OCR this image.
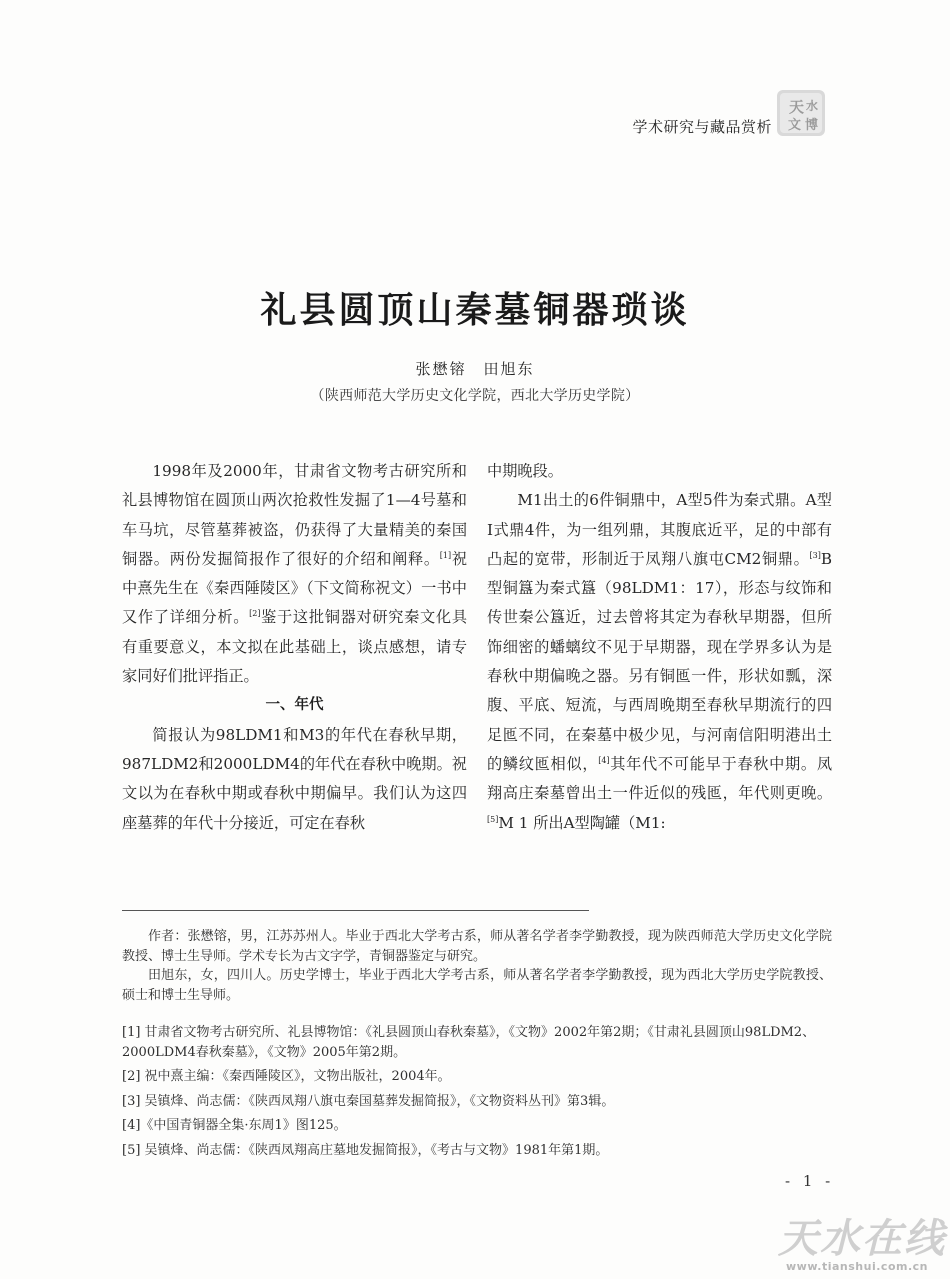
学术研究与藏品赏析
天 水
文 博
礼县圆顶山秦墓铜器琐谈
张懋镕　田旭东
（陕西师范大学历史文化学院，西北大学历史学院）

1998年及2000年，甘肃省文物考古研究所和礼县博物馆在圆顶山两次抢救性发掘了1—4号墓和车马坑，尽管墓葬被盗，仍获得了大量精美的秦国铜器。两份发掘简报作了很好的介绍和阐释。[1]祝中熹先生在《秦西陲陵区》（下文简称祝文）一书中又作了详细分析。[2]鉴于这批铜器对研究秦文化具有重要意义，本文拟在此基础上，谈点感想，请专家同好们批评指正。

一、年代

简报认为98LDM1和M3的年代在春秋早期，987LDM2和2000LDM4的年代在春秋中晚期。祝文以为在春秋中期或春秋中期偏早。我们认为这四座墓葬的年代十分接近，可定在春秋

中期晚段。

M1出土的6件铜鼎中，A型5件为秦式鼎。A型Ⅰ式鼎4件，为一组列鼎，其腹底近平，足的中部有凸起的宽带，形制近于凤翔八旗屯CM2铜鼎。[3]B型铜簋为秦式簋（98LDM1：17），形态与纹饰和传世秦公簋近，过去曾将其定为春秋早期器，但所饰细密的蟠螭纹不见于早期器，现在学界多认为是春秋中期偏晚之器。另有铜匜一件，形状如瓢，深腹、平底、短流，与西周晚期至春秋早期流行的四足匜不同，在秦墓中极少见，与河南信阳明港出土的鳞纹匜相似，[4]其年代不可能早于春秋中期。凤翔高庄秦墓曾出土一件近似的残匜，年代则更晚。[5]M 1 所出A型陶罐（M1:

作者：张懋镕，男，江苏苏州人。毕业于西北大学考古系，师从著名学者李学勤教授，现为陕西师范大学历史文化学院教授、博士生导师。学术专长为古文字学，青铜器鉴定与研究。

田旭东，女，四川人。历史学博士，毕业于西北大学考古系，师从著名学者李学勤教授，现为西北大学历史学院教授、硕士和博士生导师。

[1] 甘肃省文物考古研究所、礼县博物馆：《礼县圆顶山春秋秦墓》，《文物》2002年第2期；《甘肃礼县圆顶山98LDM2、2000LDM4春秋秦墓》，《文物》2005年第2期。

[2] 祝中熹主编：《秦西陲陵区》，文物出版社，2004年。

[3] 吴镇烽、尚志儒：《陕西凤翔八旗屯秦国墓葬发掘简报》，《文物资料丛刊》第3辑。

[4]《中国青铜器全集·东周1》图125。

[5] 吴镇烽、尚志儒：《陕西凤翔高庄墓地发掘简报》，《考古与文物》1981年第1期。

- 1 -
天水在线
www.tianshui.com.cn
